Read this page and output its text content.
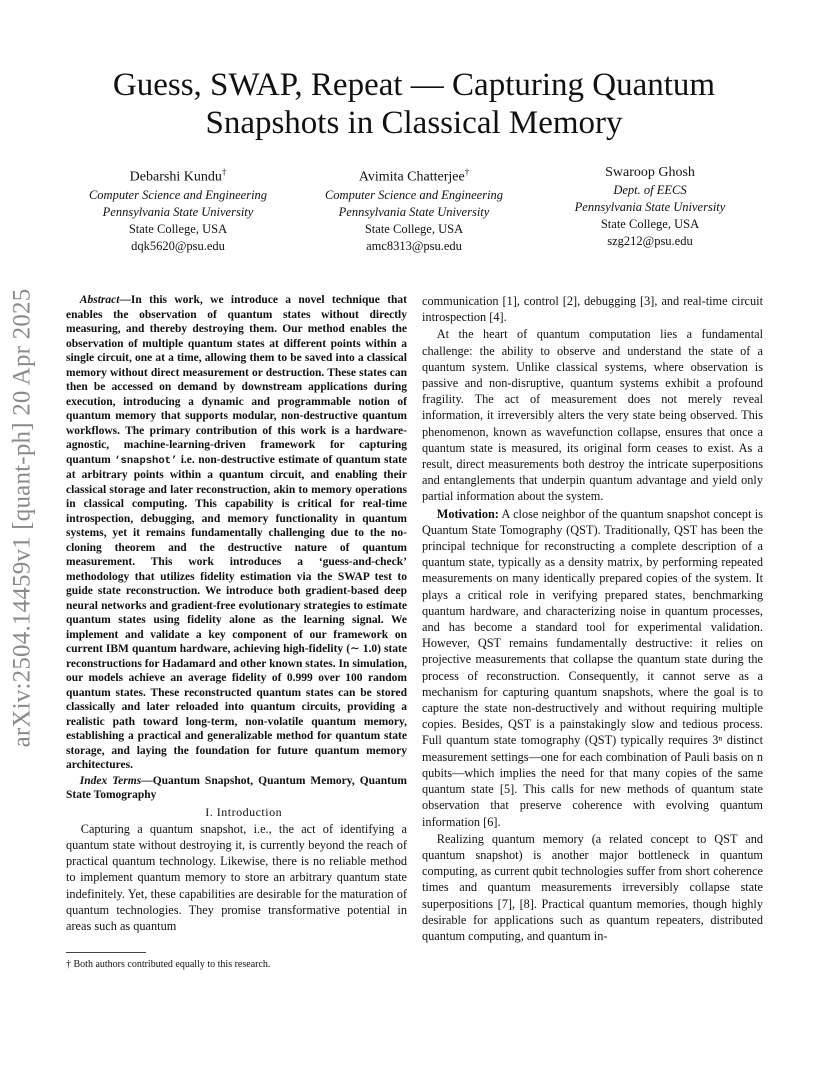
arXiv:2504.14459v1 [quant-ph] 20 Apr 2025
Guess, SWAP, Repeat — Capturing Quantum Snapshots in Classical Memory
Debarshi Kundu†
Computer Science and Engineering
Pennsylvania State University
State College, USA
dqk5620@psu.edu
Avimita Chatterjee†
Computer Science and Engineering
Pennsylvania State University
State College, USA
amc8313@psu.edu
Swaroop Ghosh
Dept. of EECS
Pennsylvania State University
State College, USA
szg212@psu.edu

Abstract—In this work, we introduce a novel technique that enables the observation of quantum states without directly measuring, and thereby destroying them. Our method enables the observation of multiple quantum states at different points within a single circuit, one at a time, allowing them to be saved into a classical memory without direct measurement or destruction. These states can then be accessed on demand by downstream applications during execution, introducing a dynamic and programmable notion of quantum memory that supports modular, non-destructive quantum workflows. The primary contribution of this work is a hardware-agnostic, machine-learning-driven framework for capturing quantum ‘snapshot’ i.e. non-destructive estimate of quantum state at arbitrary points within a quantum circuit, and enabling their classical storage and later reconstruction, akin to memory operations in classical computing. This capability is critical for real-time introspection, debugging, and memory functionality in quantum systems, yet it remains fundamentally challenging due to the no-cloning theorem and the destructive nature of quantum measurement. This work introduces a ‘guess-and-check’ methodology that utilizes fidelity estimation via the SWAP test to guide state reconstruction. We introduce both gradient-based deep neural networks and gradient-free evolutionary strategies to estimate quantum states using fidelity alone as the learning signal. We implement and validate a key component of our framework on current IBM quantum hardware, achieving high-fidelity (∼ 1.0) state reconstructions for Hadamard and other known states. In simulation, our models achieve an average fidelity of 0.999 over 100 random quantum states. These reconstructed quantum states can be stored classically and later reloaded into quantum circuits, providing a realistic path toward long-term, non-volatile quantum memory, establishing a practical and generalizable method for quantum state storage, and laying the foundation for future quantum memory architectures.

Index Terms—Quantum Snapshot, Quantum Memory, Quantum State Tomography

I. Introduction

Capturing a quantum snapshot, i.e., the act of identifying a quantum state without destroying it, is currently beyond the reach of practical quantum technology. Likewise, there is no reliable method to implement quantum memory to store an arbitrary quantum state indefinitely. Yet, these capabilities are desirable for the maturation of quantum technologies. They promise transformative potential in areas such as quantum

communication [1], control [2], debugging [3], and real-time circuit introspection [4].

At the heart of quantum computation lies a fundamental challenge: the ability to observe and understand the state of a quantum system. Unlike classical systems, where observation is passive and non-disruptive, quantum systems exhibit a profound fragility. The act of measurement does not merely reveal information, it irreversibly alters the very state being observed. This phenomenon, known as wavefunction collapse, ensures that once a quantum state is measured, its original form ceases to exist. As a result, direct measurements both destroy the intricate superpositions and entanglements that underpin quantum advantage and yield only partial information about the system.

Motivation: A close neighbor of the quantum snapshot concept is Quantum State Tomography (QST). Traditionally, QST has been the principal technique for reconstructing a complete description of a quantum state, typically as a density matrix, by performing repeated measurements on many identically prepared copies of the system. It plays a critical role in verifying prepared states, benchmarking quantum hardware, and characterizing noise in quantum processes, and has become a standard tool for experimental validation. However, QST remains fundamentally destructive: it relies on projective measurements that collapse the quantum state during the process of reconstruction. Consequently, it cannot serve as a mechanism for capturing quantum snapshots, where the goal is to capture the state non-destructively and without requiring multiple copies. Besides, QST is a painstakingly slow and tedious process. Full quantum state tomography (QST) typically requires 3ⁿ distinct measurement settings—one for each combination of Pauli basis on n qubits—which implies the need for that many copies of the same quantum state [5]. This calls for new methods of quantum state observation that preserve coherence with evolving quantum information [6].

Realizing quantum memory (a related concept to QST and quantum snapshot) is another major bottleneck in quantum computing, as current qubit technologies suffer from short coherence times and quantum measurements irreversibly collapse state superpositions [7], [8]. Practical quantum memories, though highly desirable for applications such as quantum repeaters, distributed quantum computing, and quantum in-

† Both authors contributed equally to this research.
